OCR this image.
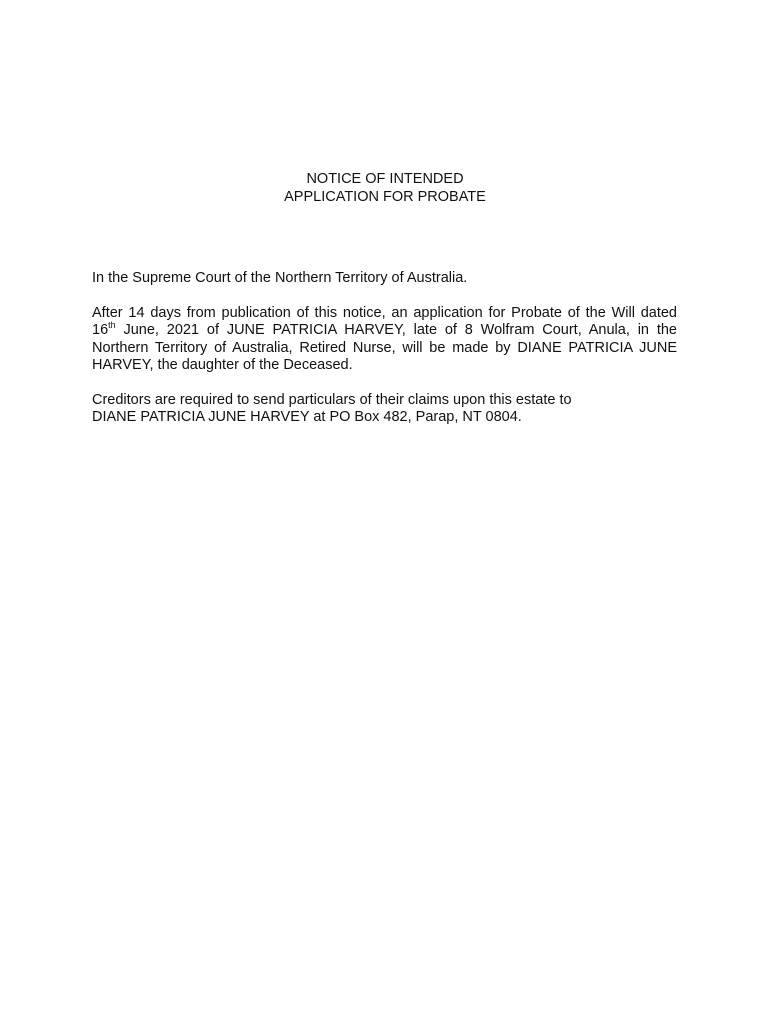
NOTICE OF INTENDED
APPLICATION FOR PROBATE

In the Supreme Court of the Northern Territory of Australia.

After 14 days from publication of this notice, an application for Probate of the Will dated 16th June, 2021 of JUNE PATRICIA HARVEY, late of 8 Wolfram Court, Anula, in the Northern Territory of Australia, Retired Nurse, will be made by DIANE PATRICIA JUNE HARVEY, the daughter of the Deceased.

Creditors are required to send particulars of their claims upon this estate to
DIANE PATRICIA JUNE HARVEY at PO Box 482, Parap, NT 0804.
